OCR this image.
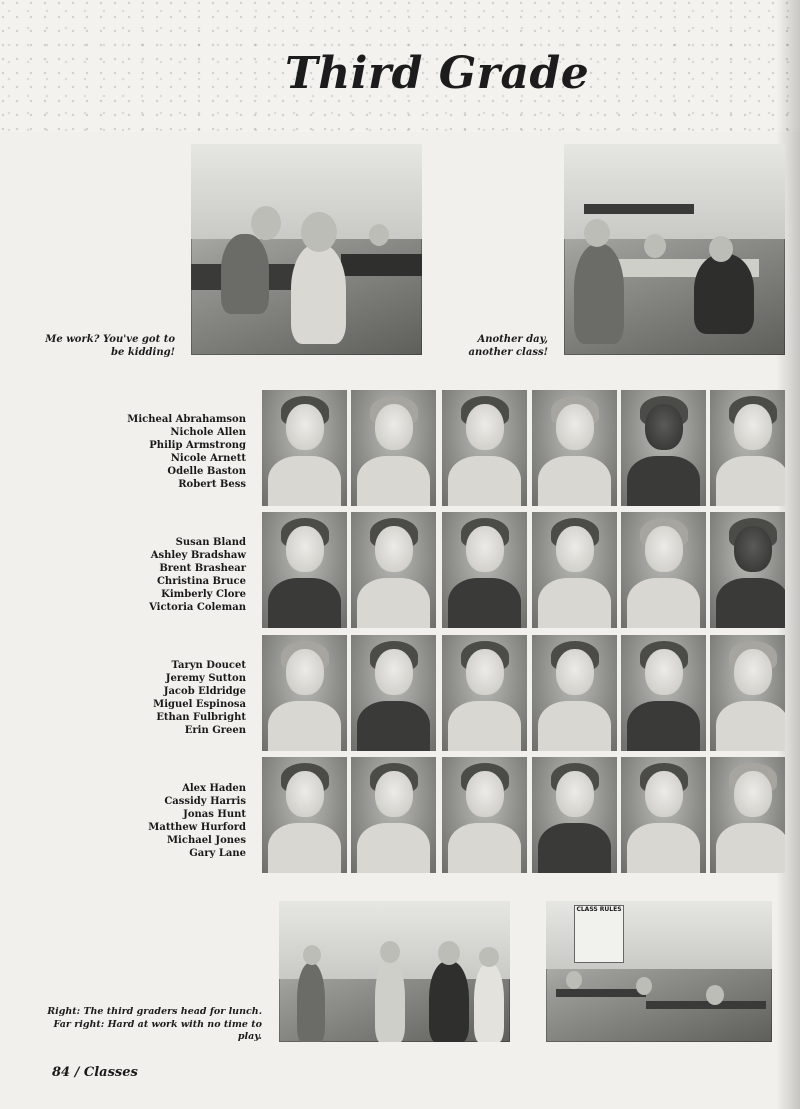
Third Grade
Me work? You've got to
be kidding!
Another day,
another class!
Micheal Abrahamson
Nichole Allen
Philip Armstrong
Nicole Arnett
Odelle Baston
Robert Bess
Susan Bland
Ashley Bradshaw
Brent Brashear
Christina Bruce
Kimberly Clore
Victoria Coleman
Taryn Doucet
Jeremy Sutton
Jacob Eldridge
Miguel Espinosa
Ethan Fulbright
Erin Green
Alex Haden
Cassidy Harris
Jonas Hunt
Matthew Hurford
Michael Jones
Gary Lane
CLASS RULES
Right: The third graders head for lunch.
Far right: Hard at work with no time to
play.
84 / Classes
